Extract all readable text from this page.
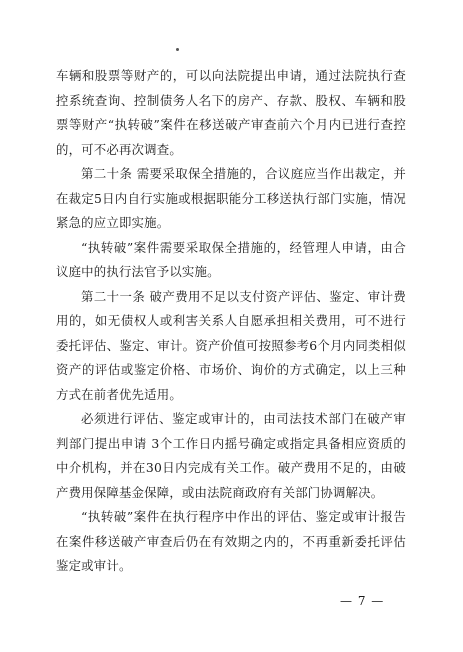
车辆和股票等财产的，可以向法院提出申请，通过法院执行查控系统查询、控制债务人名下的房产、存款、股权、车辆和股票等财产“执转破”案件在移送破产审查前六个月内已进行查控的，可不必再次调查。

第二十条 需要采取保全措施的，合议庭应当作出裁定，并在裁定5日内自行实施或根据职能分工移送执行部门实施，情况紧急的应立即实施。

“执转破”案件需要采取保全措施的，经管理人申请，由合议庭中的执行法官予以实施。

第二十一条 破产费用不足以支付资产评估、鉴定、审计费用的，如无债权人或利害关系人自愿承担相关费用，可不进行委托评估、鉴定、审计。资产价值可按照参考6个月内同类相似资产的评估或鉴定价格、市场价、询价的方式确定，以上三种方式在前者优先适用。

必须进行评估、鉴定或审计的，由司法技术部门在破产审判部门提出申请 3个工作日内摇号确定或指定具备相应资质的中介机构，并在30日内完成有关工作。破产费用不足的，由破产费用保障基金保障，或由法院商政府有关部门协调解决。

“执转破”案件在执行程序中作出的评估、鉴定或审计报告在案件移送破产审查后仍在有效期之内的，不再重新委托评估鉴定或审计。

— 7 —
